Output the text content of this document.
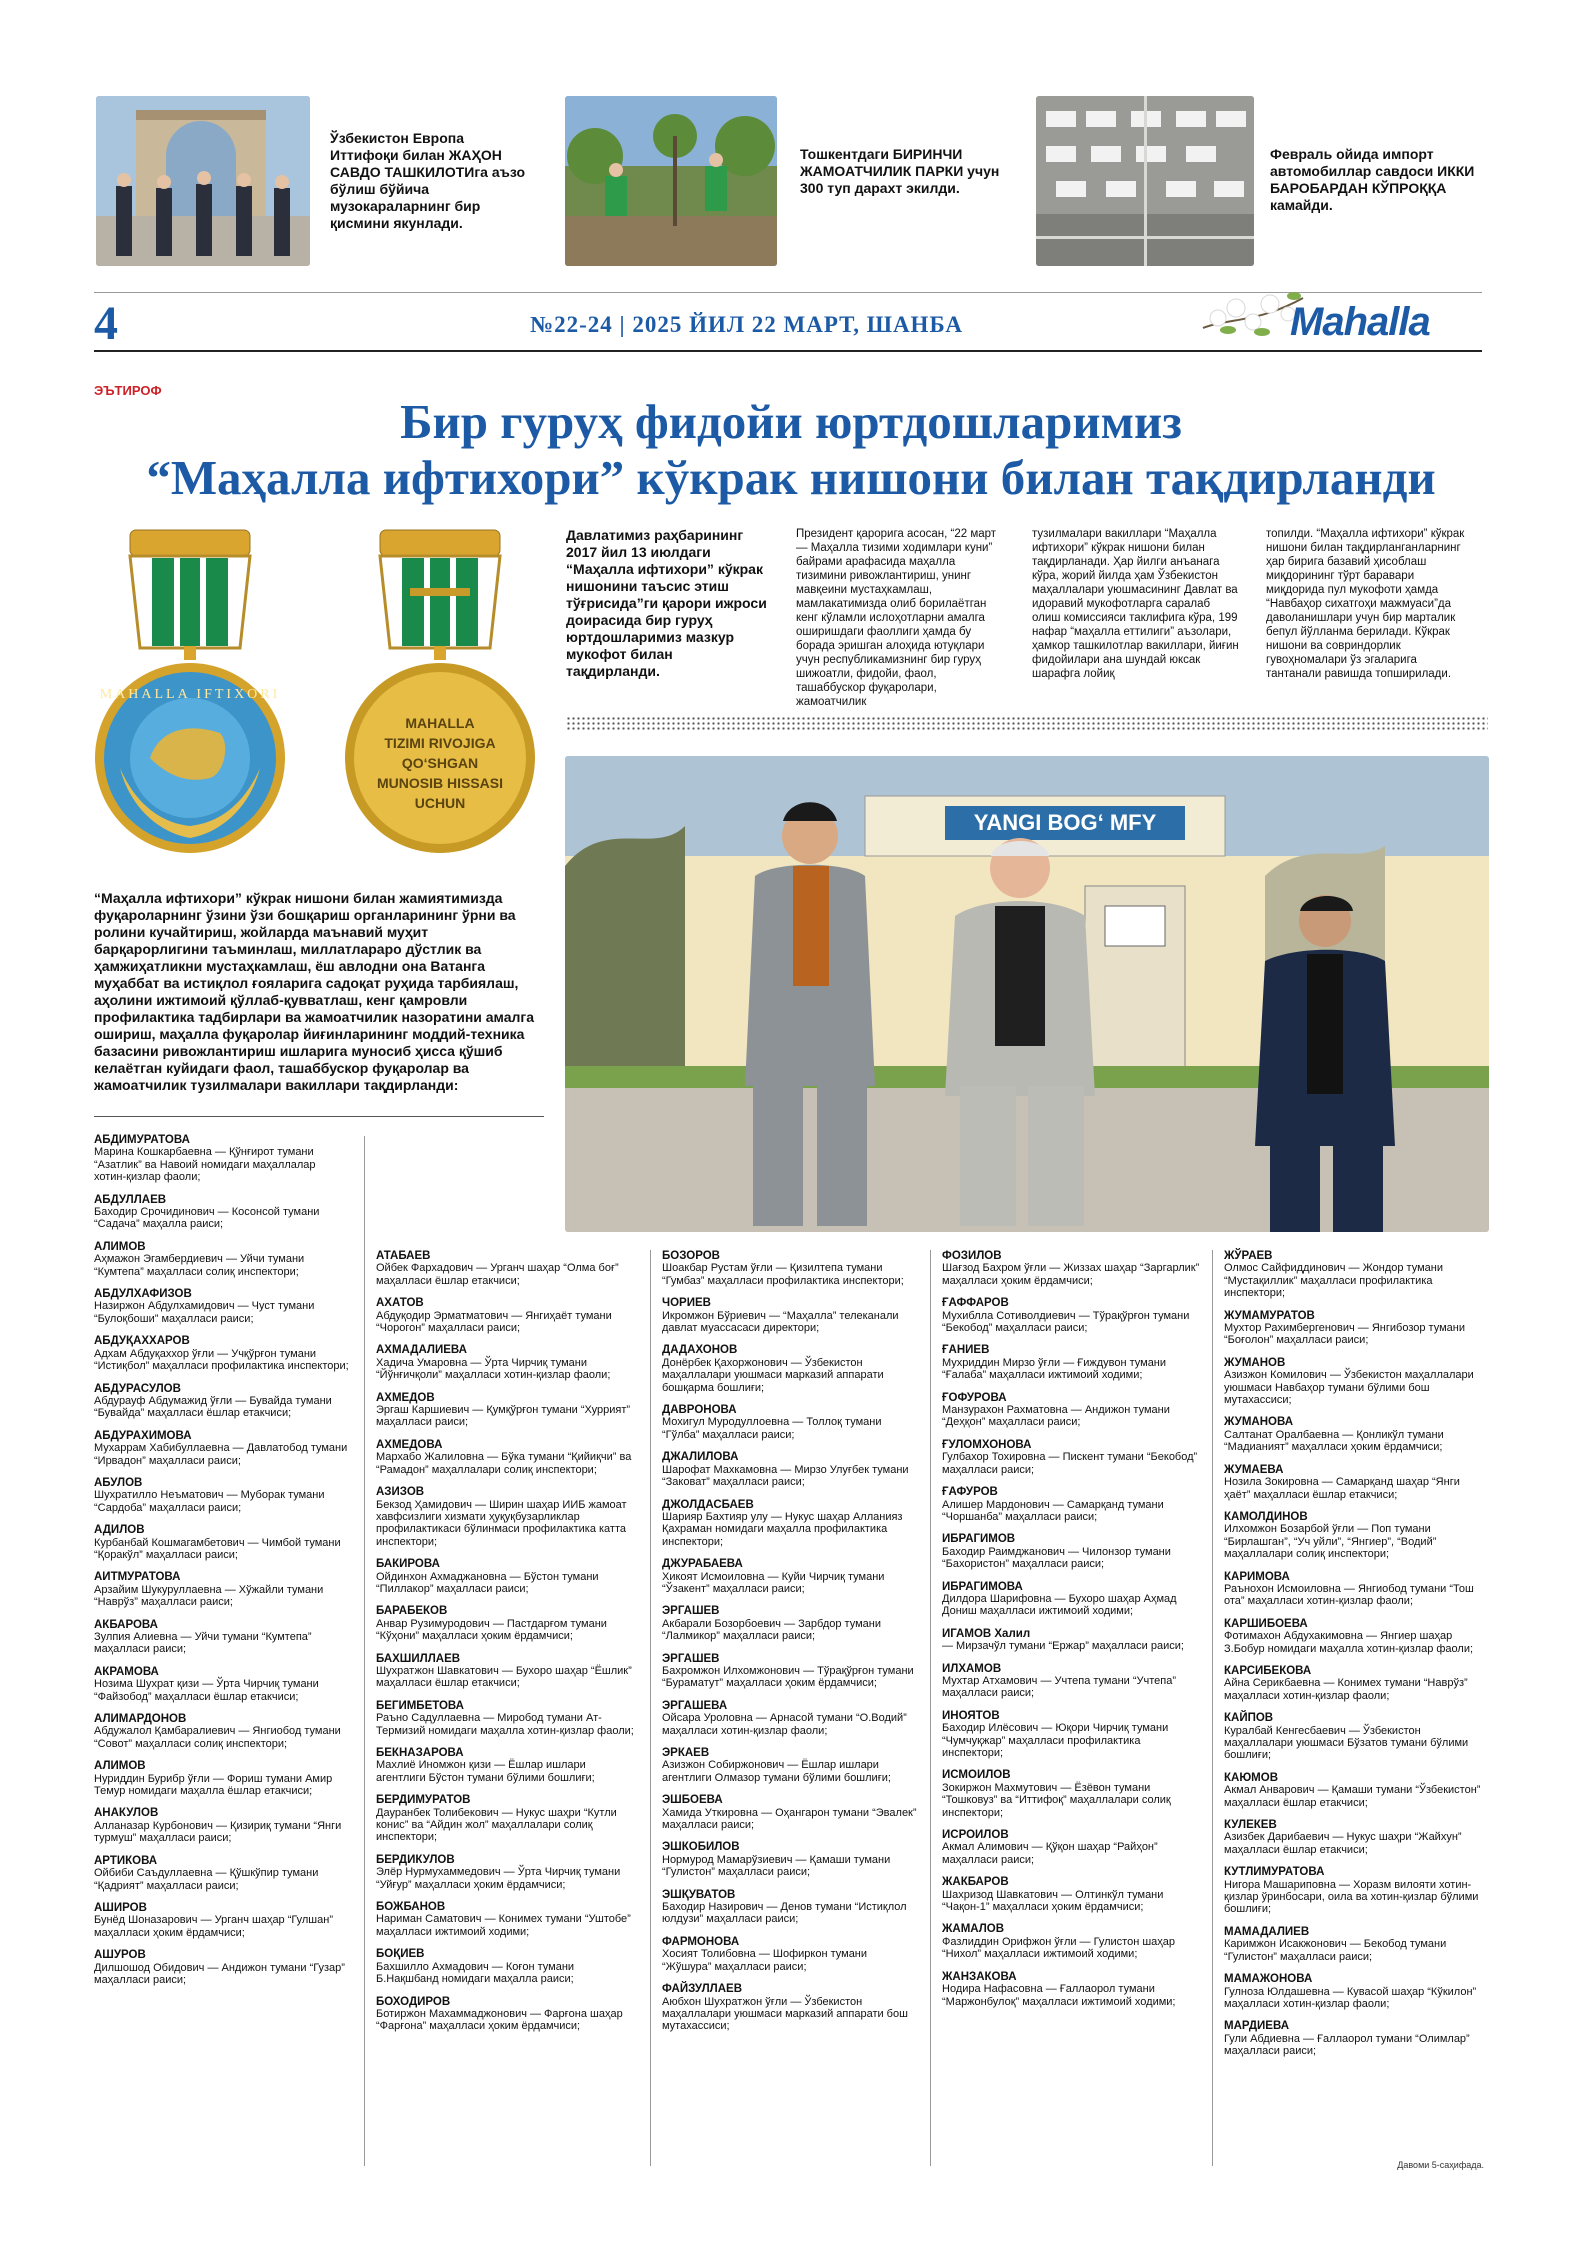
Ўзбекистон Европа Иттифоқи билан ЖАҲОН САВДО ТАШКИЛОТИга аъзо бўлиш бўйича музокараларнинг бир қисмини якунлади.
Тошкентдаги БИРИНЧИ ЖАМОАТЧИЛИК ПАРКИ учун 300 туп дарахт экилди.
Феврaль ойида импорт автомобиллар савдоси ИККИ БАРОБАРДАН КЎПРОҚҚА камайди.
4	№22-24 | 2025 ЙИЛ 22 МАРТ, ШАНБА	Mahalla
ЭЪТИРОФ
Бир гуруҳ фидойи юртдошларимиз
“Маҳалла ифтихори” кўкрак нишони билан тақдирланди
MAHALLA IFTIXORI
MAHALLA
TIZIMI RIVOJIGA
QO‘SHGAN
MUNOSIB HISSASI
UCHUN
Давлатимиз раҳбарининг 2017 йил 13 июлдаги “Маҳалла ифтихори” кўкрак нишонини таъсис этиш тўғрисида”ги қарори ижроси доирасида бир гуруҳ юртдошларимиз мазкур мукофот билан тақдирланди.
Президент қарорига асосан, “22 март — Маҳалла тизими ходимлари куни” байрами арафасида маҳалла тизимини ривожлантириш, унинг мавқеини мустаҳкамлаш, мамлакатимизда олиб борилаётган кенг кўламли ислоҳотларни амалга оширишдаги фаоллиги ҳамда бу борада эришган алоҳида ютуқлари учун республикамизнинг бир гуруҳ шижоатли, фидойи, фаол, ташаббускор фуқаролари, жамоатчилик
тузилмалари вакиллари “Маҳалла ифтихори” кўкрак нишони билан тақдирланади. Ҳар йилги анъанага кўра, жорий йилда ҳам Ўзбекистон маҳаллалари уюшмасининг Давлат ва идоравий мукофотларга саралаб олиш комиссияси таклифига кўра, 199 нафар “маҳалла еттилиги” аъзолари, ҳамкор ташкилотлар вакиллари, йиғин фидойилари ана шундай юксак шарафга лойиқ
топилди. “Маҳалла ифтихори” кўкрак нишони билан тақдирланганларнинг ҳар бирига базавий ҳисоблаш миқдорининг тўрт баравари миқдорида пул мукофоти ҳамда “Навбаҳор сихатгоҳи мажмуаси”да даволанишлари учун бир марталик бепул йўлланма берилади. Кўкрак нишони ва совриндорлик гувоҳномалари ўз эгаларига тантанали равишда топширилади.
YANGI BOG‘ MFY
“Маҳалла ифтихори” кўкрак нишони билан жамиятимизда фуқароларнинг ўзини ўзи бошқариш органларининг ўрни ва ролини кучайтириш, жойларда маънавий муҳит барқарорлигини таъминлаш, миллатлараро дўстлик ва ҳамжиҳатликни мустаҳкамлаш, ёш авлодни она Ватанга муҳаббат ва истиқлол ғояларига садоқат руҳида тарбиялаш, аҳолини ижтимоий қўллаб-қувватлаш, кенг қамровли профилактика тадбирлари ва жамоатчилик назоратини амалга ошириш, маҳалла фуқаролар йиғинларининг моддий-техника базасини ривожлантириш ишларига муносиб ҳисса қўшиб келаётган куйидаги фаол, ташаббускор фуқаролар ва жамоатчилик тузилмалари вакиллари тақдирланди:
АБДИМУРАТОВА
Марина Кошкарбаевна — Қўнғирот тумани “Азатлик” ва Навоий номидаги маҳаллалар хотин-қизлар фаоли;
АБДУЛЛАЕВ
Баходир Срочидинович — Косонсой тумани “Садача” маҳалла раиси;
АЛИМОВ
Аҳмажон Эгамбердиевич — Уйчи тумани “Кумтепа” маҳалласи солиқ инспектори;
АБДУЛХАФИЗОВ
Назиржон Абдулхамидович — Чуст тумани “Булоқбоши” маҳалласи раиси;
АБДУҚАХХАРОВ
Адхам Абдуқаххор ўғли — Учқўрғон тумани “Истиқбол” маҳалласи профилактика инспектори;
АБДУРАСУЛОВ
Абдурауф Абдумажид ўғли — Бувайда тумани “Бувайда” маҳалласи ёшлар етакчиси;
АБДУРАХИМОВА
Мухаррам Хабибуллаевна — Давлатобод тумани “Ирвадон” маҳалласи раиси;
АБУЛОВ
Шухратилло Неъматович — Муборак тумани “Сардоба” маҳалласи раиси;
АДИЛОВ
Курбанбай Кошмагамбетович — Чимбой тумани “Қоракўл” маҳалласи раиси;
АИТМУРАТОВА
Арзайим Шукуруллаевна — Хўжайли тумани “Наврўз” маҳалласи раиси;
АКБАРОВА
Зулпия Алиевна — Уйчи тумани “Кумтепа” маҳалласи раиси;
АКРАМОВА
Нозима Шухрат қизи — Ўрта Чирчиқ тумани “Файзобод” маҳалласи ёшлар етакчиси;
АЛИМАРДОНОВ
Абдужалол Қамбаралиевич — Янгиобод тумани “Совот” маҳалласи солиқ инспектори;
АЛИМОВ
Нуриддин Бурибр ўғли — Фориш тумани Амир Темур номидаги маҳалла ёшлар етакчиси;
АНАКУЛОВ
Алланазар Курбонович — Қизириқ тумани “Янги турмуш” маҳалласи раиси;
АРТИКОВА
Ойбиби Саъдуллаевна — Қўшкўпир тумани “Қадрият” маҳалласи раиси;
АШИРОВ
Бунёд Шоназарович — Урганч шаҳар “Гулшан” маҳалласи ҳоким ёрдамчиси;
АШУРОВ
Дилшошод Обидович — Андижон тумани “Гузар” маҳалласи раиси;
АТАБАЕВ
Ойбек Фархадович — Урганч шаҳар “Олма боғ” маҳалласи ёшлар етакчиси;
АХАТОВ
Абдуқодир Эрматматович — Янгиҳаёт тумани “Чорогон” маҳалласи раиси;
АХМАДАЛИЕВА
Хадича Умаровна — Ўрта Чирчиқ тумани “Йўнғичқоли” маҳалласи хотин-қизлар фаоли;
АХМЕДОВ
Эргаш Каршиевич — Қумқўрғон тумани “Хуррият” маҳалласи раиси;
АХМЕДОВА
Мархабо Жалиловна — Бўка тумани “Қийиқчи” ва “Рамадон” маҳаллалари солиқ инспектори;
АЗИЗОВ
Бекзод Ҳамидович — Ширин шаҳар ИИБ жамоат хавфсизлиги хизмати ҳуқуқбузарликлар профилактикаси бўлинмаси профилактика катта инспектори;
БАКИРОВА
Ойдинхон Ахмаджановна — Бўстон тумани “Пиллакор” маҳалласи раиси;
БАРАБЕКОВ
Анвар Рузимуродович — Пастдарғом тумани “Кўҳони” маҳалласи ҳоким ёрдамчиси;
БАХШИЛЛАЕВ
Шухратжон Шавкатович — Бухоро шаҳар “Ёшлик” маҳалласи ёшлар етакчиси;
БЕГИМБЕТОВА
Раъно Садуллаевна — Миробод тумани Ат-Термизий номидаги маҳалла хотин-қизлар фаоли;
БЕКНАЗАРОВА
Махлиё Иномжон қизи — Ёшлар ишлари агентлиги Бўстон тумани бўлими бошлиғи;
БЕРДИМУРАТОВ
Дауранбек Толибекович — Нукус шаҳри “Кутли конис” ва “Айдин жол” маҳаллалари солиқ инспектори;
БЕРДИКУЛОВ
Элёр Нурмухаммедович — Ўрта Чирчиқ тумани “Уйғур” маҳалласи ҳоким ёрдамчиси;
БОЖБАНОВ
Нариман Саматович — Конимех тумани “Уштобе” маҳалласи ижтимоий ходими;
БОҚИЕВ
Бахшилло Ахмадович — Коғон тумани Б.Нақшбанд номидаги маҳалла раиси;
БОХОДИРОВ
Ботиржон Махаммаджонович — Фарғона шаҳар “Фарғона” маҳалласи ҳоким ёрдамчиси;
БОЗОРОВ
Шоакбар Рустам ўғли — Қизилтепа тумани “Гумбаз” маҳалласи профилактика инспектори;
ЧОРИЕВ
Икромжон Бўриевич — “Маҳалла” телеканали давлат муассасаси директори;
ДАДАХОНОВ
Донёрбек Қахоржонович — Ўзбекистон маҳаллалари уюшмаси марказий аппарати бошқарма бошлиғи;
ДАВРОНОВА
Мохигул Муродуллоевна — Толлоқ тумани “Гўлба” маҳалласи раиси;
ДЖАЛИЛОВА
Шарофат Махкамовна — Мирзо Улуғбек тумани “Заковат” маҳалласи раиси;
ДЖОЛДАСБАЕВ
Шарияр Бахтияр улу — Нукус шаҳар Алланияз Қахраман номидаги маҳалла профилактика инспектори;
ДЖУРАБАЕВА
Хикоят Исмоиловна — Куйи Чирчиқ тумани “Ўзакент” маҳалласи раиси;
ЭРГАШЕВ
Акбарали Бозорбоевич — Зарбдор тумани “Лалмикор” маҳалласи раиси;
ЭРГАШЕВ
Бахромжон Илхомжонович — Тўрақўрғон тумани “Бураматут” маҳалласи ҳоким ёрдамчиси;
ЭРГАШЕВА
Ойсара Уроловна — Арнасой тумани “О.Водий” маҳалласи хотин-қизлар фаоли;
ЭРКАЕВ
Азизжон Собиржонович — Ёшлар ишлари агентлиги Олмазор тумани бўлими бошлиғи;
ЭШБОЕВА
Хамида Уткировна — Оҳангарон тумани “Эвалек” маҳалласи раиси;
ЭШКОБИЛОВ
Нормурод Мамарўзиевич — Қамаши тумани “Гулистон” маҳалласи раиси;
ЭШҚУВАТОВ
Баходир Назирович — Денов тумани “Истиқлол юлдузи” маҳалласи раиси;
ФАРМОНОВА
Хосият Толибовна — Шофиркон тумани “Жўшура” маҳалласи раиси;
ФАЙЗУЛЛАЕВ
Аюбхон Шухратжон ўғли — Ўзбекистон маҳаллалари уюшмаси марказий аппарати бош мутахассиси;
ФОЗИЛОВ
Шағзод Бахром ўғли — Жиззах шаҳар “Заргарлик” маҳалласи ҳоким ёрдамчиси;
ҒАФФАРОВ
Мухиблла Сотиволдиевич — Тўрақўрғон тумани “Бекобод” маҳалласи раиси;
ҒАНИЕВ
Мухриддин Мирзо ўғли — Ғиждувон тумани “Ғалаба” маҳалласи ижтимоий ходими;
ҒОФУРОВА
Манзурахон Рахматовна — Андижон тумани “Деҳқон” маҳалласи раиси;
ҒУЛОМХОНОВА
Гулбахор Тохировна — Пискент тумани “Бекобод” маҳалласи раиси;
ҒАФУРОВ
Алишер Мардонович — Самарқанд тумани “Чоршанба” маҳалласи раиси;
ИБРАГИМОВ
Баходир Раимджанович — Чилонзор тумани “Бахористон” маҳалласи раиси;
ИБРАГИМОВА
Дилдора Шарифовна — Бухоро шаҳар Аҳмад Дониш маҳалласи ижтимоий ходими;
ИГАМОВ Халил
— Мирзачўл тумани “Ержар” маҳалласи раиси;
ИЛХАМОВ
Мухтар Атхамович — Учтепа тумани “Учтепа” маҳалласи раиси;
ИНОЯТОВ
Баходир Илёсович — Юқори Чирчиқ тумани “Чумчуқжар” маҳалласи профилактика инспектори;
ИСМОИЛОВ
Зокиржон Махмутович — Ёзёвон тумани “Тошковуз” ва “Иттифоқ” маҳаллалари солиқ инспектори;
ИСРОИЛОВ
Акмал Алимович — Қўқон шаҳар “Райҳон” маҳалласи раиси;
ЖАКБАРОВ
Шахризод Шавкатович — Олтинкўл тумани “Чақон-1” маҳалласи ҳоким ёрдамчиси;
ЖАМАЛОВ
Фазлиддин Орифжон ўғли — Гулистон шаҳар “Нихол” маҳалласи ижтимоий ходими;
ЖАНЗАКОВА
Нодира Нафасовна — Ғаллаорол тумани “Маржонбулоқ” маҳалласи ижтимоий ходими;
ЖЎРАЕВ
Олмос Сайфиддинович — Жондор тумани “Мустақиллик” маҳалласи профилактика инспектори;
ЖУМАМУРАТОВ
Мухтор Рахимбергенович — Янгибозор тумани “Боғолон” маҳалласи раиси;
ЖУМАНОВ
Азизжон Комилович — Ўзбекистон маҳаллалари уюшмаси Навбаҳор тумани бўлими бош мутахассиси;
ЖУМАНОВА
Салтанат Оралбаевна — Қонликўл тумани “Мадианият” маҳалласи ҳоким ёрдамчиси;
ЖУМАЕВА
Нозила Зокировна — Самарқанд шаҳар “Янги ҳаёт” маҳалласи ёшлар етакчиси;
КАМОЛДИНОВ
Илхомжон Бозарбой ўғли — Поп тумани “Бирлашган”, “Уч уйли”, “Янгиер”, “Водий” маҳаллалари солиқ инспектори;
КАРИМОВА
Раъноxон Исмоиловна — Янгиобод тумани “Тош ота” маҳалласи хотин-қизлар фаоли;
КАРШИБОЕВА
Фотимахон Абдухакимовна — Янгиер шаҳар З.Бобур номидаги маҳалла хотин-қизлар фаоли;
КАРСИБЕКОВА
Айна Серикбаевна — Конимех тумани “Наврўз” маҳалласи хотин-қизлар фаоли;
КАЙПОВ
Куралбай Кенгесбаевич — Ўзбекистон маҳаллалари уюшмаси Бўзатов тумани бўлими бошлиғи;
КАЮМОВ
Акмал Анварович — Қамаши тумани “Ўзбекистон” маҳалласи ёшлар етакчиси;
КУЛЕКЕВ
Азизбек Дарибаевич — Нукус шаҳри “Жайхун” маҳалласи ёшлар етакчиси;
КУТЛИМУРАТОВА
Нигора Машариповна — Хоразм вилояти хотин-қизлар ўринбосари, оила ва хотин-қизлар бўлими бошлиғи;
МАМАДАЛИЕВ
Каримжон Исакжонович — Бекобод тумани “Гулистон” маҳалласи раиси;
МАМАЖОНОВА
Гулноза Юлдашевна — Кувасой шаҳар “Кўкилон” маҳалласи хотин-қизлар фаоли;
МАРДИЕВА
Гули Абдиевна — Ғаллаорол тумани “Олимлар” маҳалласи раиси;
Давоми 5-саҳифада.
